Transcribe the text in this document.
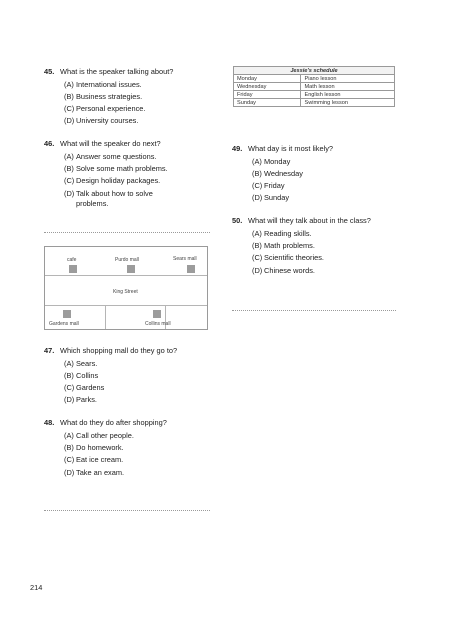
45. What is the speaker talking about?
(A) International issues.
(B) Business strategies.
(C) Personal experience.
(D) University courses.
46. What will the speaker do next?
(A) Answer some questions.
(B) Solve some math problems.
(C) Design holiday packages.
(D) Talk about how to solve problems.
cafe	Purdo mall	Sears mall
King Street
Gardens mall	Collins mall
47. Which shopping mall do they go to?
(A) Sears.
(B) Collins
(C) Gardens
(D) Parks.
48. What do they do after shopping?
(A) Call other people.
(B) Do homework.
(C) Eat ice cream.
(D) Take an exam.
Jessie's schedule	
Monday	Piano lesson
Wednesday	Math lesson
Friday	English lesson
Sunday	Swimming lesson
49. What day is it most likely?
(A) Monday
(B) Wednesday
(C) Friday
(D) Sunday
50. What will they talk about in the class?
(A) Reading skills.
(B) Math problems.
(C) Scientific theories.
(D) Chinese words.
214
